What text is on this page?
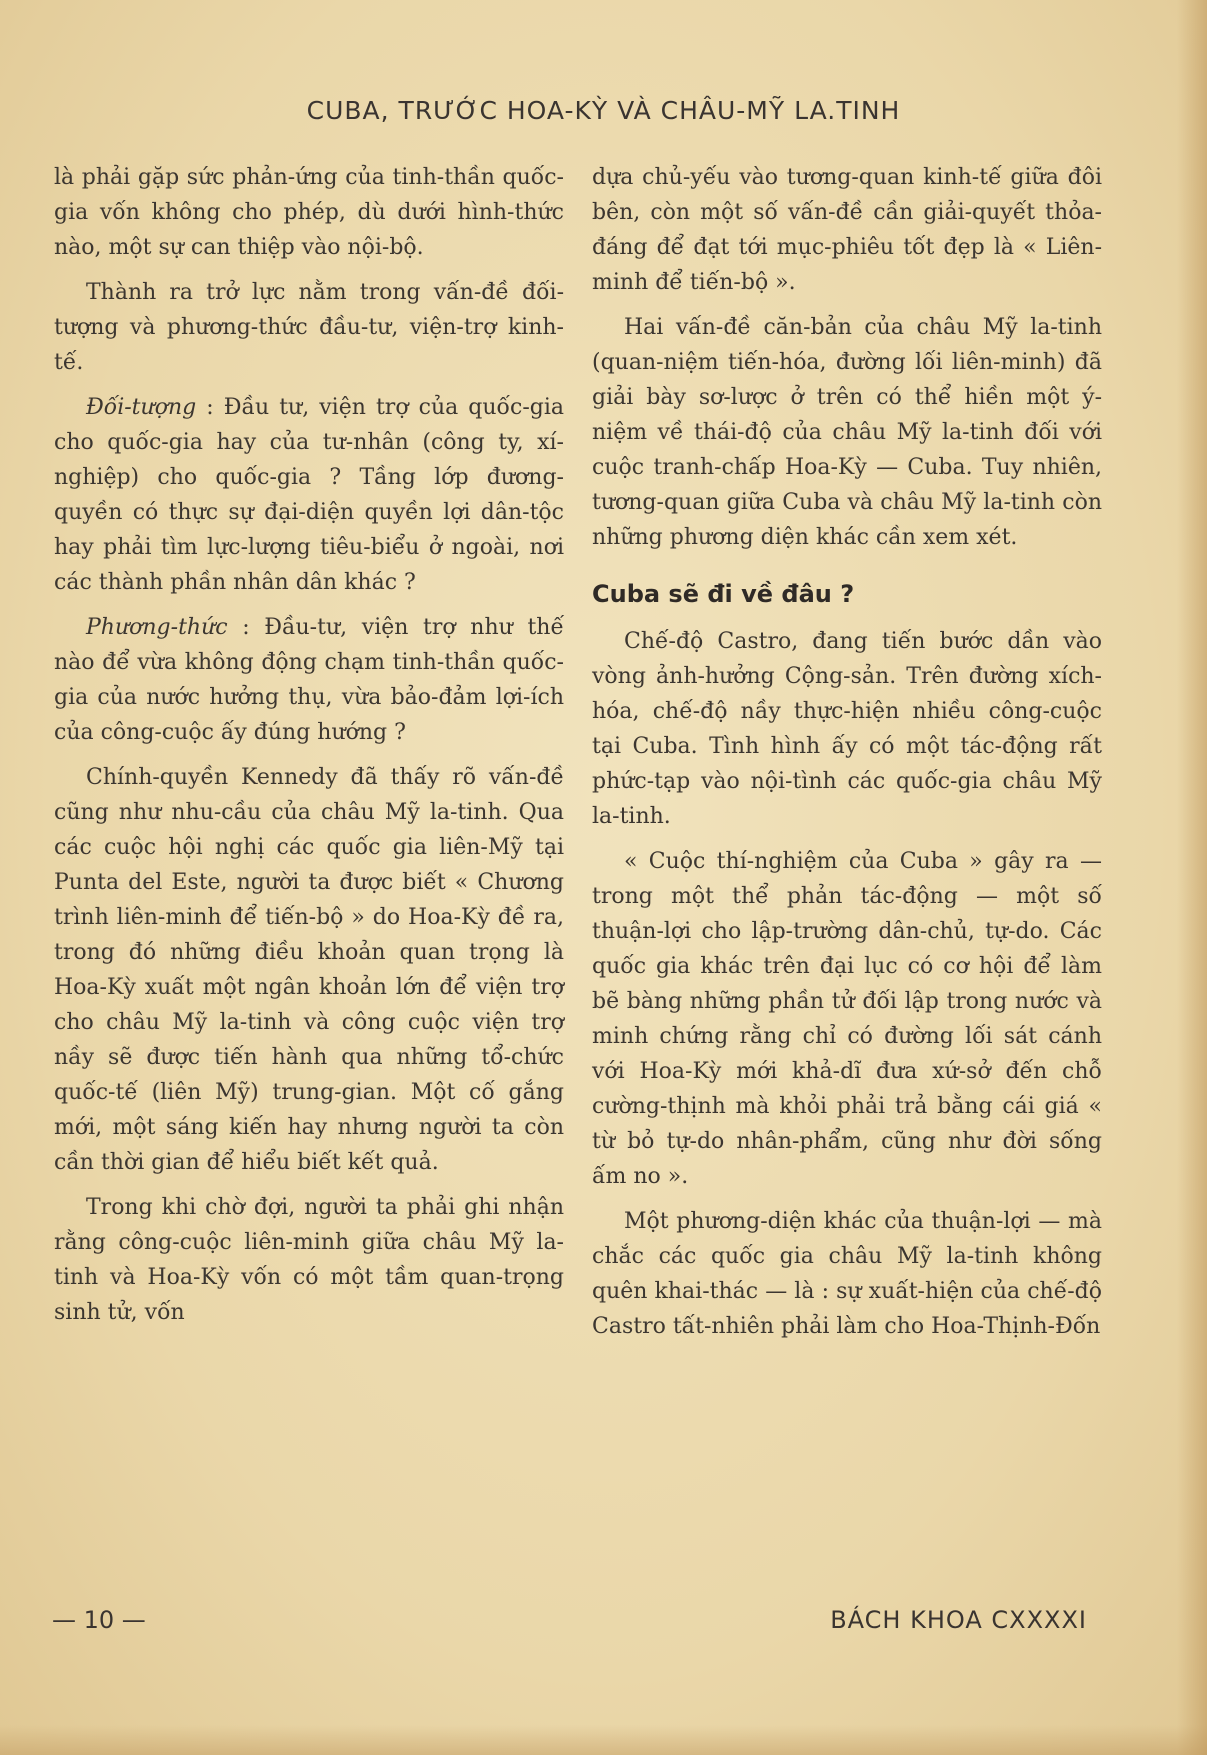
CUBA, TRƯỚC HOA-KỲ VÀ CHÂU-MỸ LA.TINH

là phải gặp sức phản-ứng của tinh-thần quốc-gia vốn không cho phép, dù dưới hình-thức nào, một sự can thiệp vào nội-bộ.

Thành ra trở lực nằm trong vấn-đề đối-tượng và phương-thức đầu-tư, viện-trợ kinh-tế.

Đối-tượng : Đầu tư, viện trợ của quốc-gia cho quốc-gia hay của tư-nhân (công ty, xí-nghiệp) cho quốc-gia ? Tầng lớp đương-quyền có thực sự đại-diện quyền lợi dân-tộc hay phải tìm lực-lượng tiêu-biểu ở ngoài, nơi các thành phần nhân dân khác ?

Phương-thức : Đầu-tư, viện trợ như thế nào để vừa không động chạm tinh-thần quốc-gia của nước hưởng thụ, vừa bảo-đảm lợi-ích của công-cuộc ấy đúng hướng ?

Chính-quyền Kennedy đã thấy rõ vấn-đề cũng như nhu-cầu của châu Mỹ la-tinh. Qua các cuộc hội nghị các quốc gia liên-Mỹ tại Punta del Este, người ta được biết « Chương trình liên-minh để tiến-bộ » do Hoa-Kỳ đề ra, trong đó những điều khoản quan trọng là Hoa-Kỳ xuất một ngân khoản lớn để viện trợ cho châu Mỹ la-tinh và công cuộc viện trợ nầy sẽ được tiến hành qua những tổ-chức quốc-tế (liên Mỹ) trung-gian. Một cố gắng mới, một sáng kiến hay nhưng người ta còn cần thời gian để hiểu biết kết quả.

Trong khi chờ đợi, người ta phải ghi nhận rằng công-cuộc liên-minh giữa châu Mỹ la-tinh và Hoa-Kỳ vốn có một tầm quan-trọng sinh tử, vốn

dựa chủ-yếu vào tương-quan kinh-tế giữa đôi bên, còn một số vấn-đề cần giải-quyết thỏa-đáng để đạt tới mục-phiêu tốt đẹp là « Liên-minh để tiến-bộ ».

Hai vấn-đề căn-bản của châu Mỹ la-tinh (quan-niệm tiến-hóa, đường lối liên-minh) đã giải bày sơ-lược ở trên có thể hiền một ý-niệm về thái-độ của châu Mỹ la-tinh đối với cuộc tranh-chấp Hoa-Kỳ — Cuba. Tuy nhiên, tương-quan giữa Cuba và châu Mỹ la-tinh còn những phương diện khác cần xem xét.

Cuba sẽ đi về đâu ?

Chế-độ Castro, đang tiến bước dần vào vòng ảnh-hưởng Cộng-sản. Trên đường xích-hóa, chế-độ nầy thực-hiện nhiều công-cuộc tại Cuba. Tình hình ấy có một tác-động rất phức-tạp vào nội-tình các quốc-gia châu Mỹ la-tinh.

« Cuộc thí-nghiệm của Cuba » gây ra — trong một thể phản tác-động — một số thuận-lợi cho lập-trường dân-chủ, tự-do. Các quốc gia khác trên đại lục có cơ hội để làm bẽ bàng những phần tử đối lập trong nước và minh chứng rằng chỉ có đường lối sát cánh với Hoa-Kỳ mới khả-dĩ đưa xứ-sở đến chỗ cường-thịnh mà khỏi phải trả bằng cái giá « từ bỏ tự-do nhân-phẩm, cũng như đời sống ấm no ».

Một phương-diện khác của thuận-lợi — mà chắc các quốc gia châu Mỹ la-tinh không quên khai-thác — là : sự xuất-hiện của chế-độ Castro tất-nhiên phải làm cho Hoa-Thịnh-Đốn

— 10 —	BÁCH KHOA CXXXXI
